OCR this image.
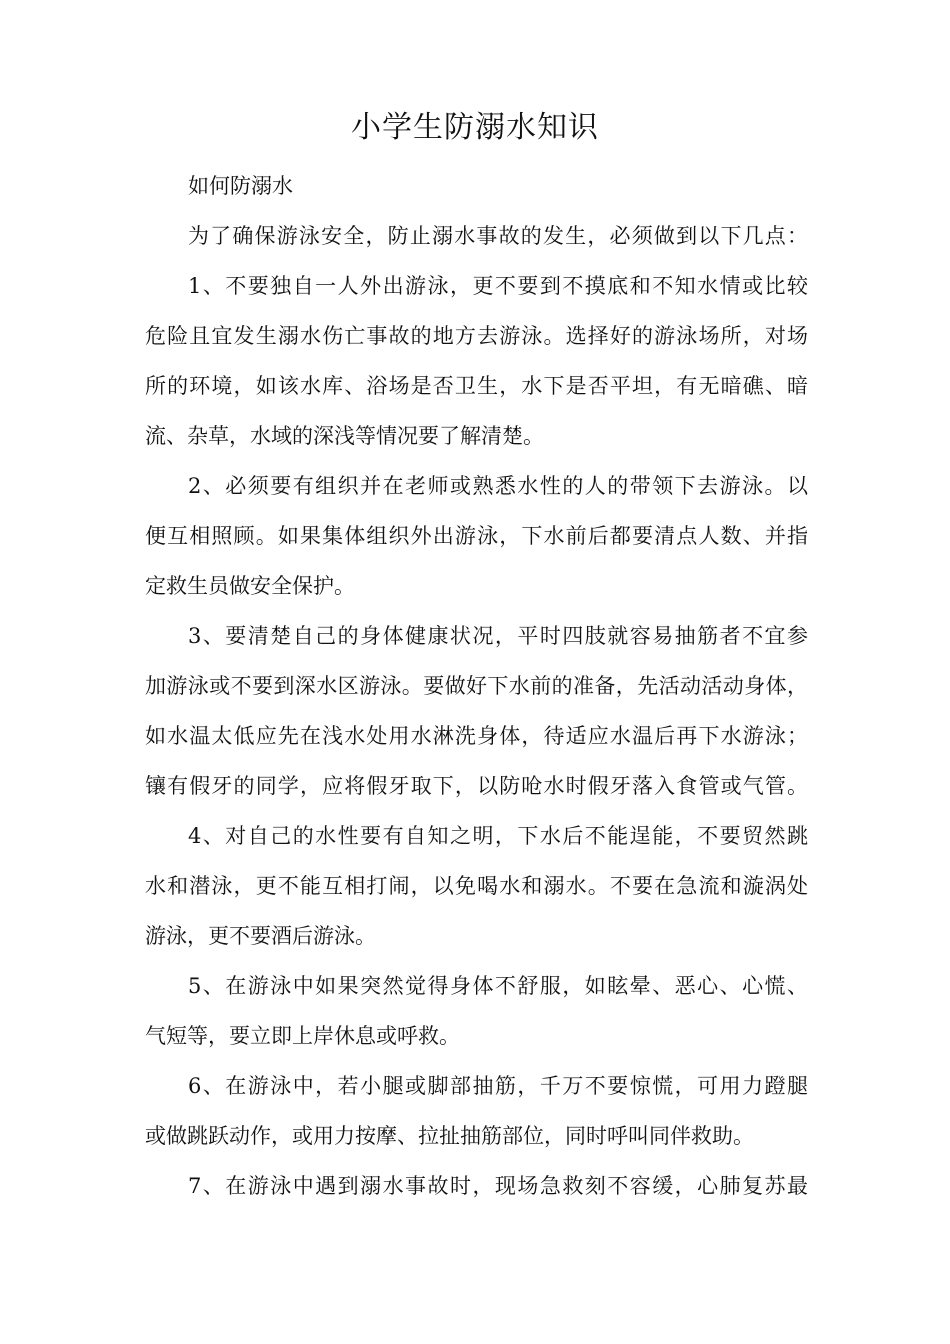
小学生防溺水知识
如何防溺水
为了确保游泳安全，防止溺水事故的发生，必须做到以下几点：
1、不要独自一人外出游泳，更不要到不摸底和不知水情或比较
危险且宜发生溺水伤亡事故的地方去游泳。选择好的游泳场所，对场
所的环境，如该水库、浴场是否卫生，水下是否平坦，有无暗礁、暗
流、杂草，水域的深浅等情况要了解清楚。
2、必须要有组织并在老师或熟悉水性的人的带领下去游泳。以
便互相照顾。如果集体组织外出游泳，下水前后都要清点人数、并指
定救生员做安全保护。
3、要清楚自己的身体健康状况，平时四肢就容易抽筋者不宜参
加游泳或不要到深水区游泳。要做好下水前的准备，先活动活动身体，
如水温太低应先在浅水处用水淋洗身体，待适应水温后再下水游泳；
镶有假牙的同学，应将假牙取下，以防呛水时假牙落入食管或气管。
4、对自己的水性要有自知之明，下水后不能逞能，不要贸然跳
水和潜泳，更不能互相打闹，以免喝水和溺水。不要在急流和漩涡处
游泳，更不要酒后游泳。
5、在游泳中如果突然觉得身体不舒服，如眩晕、恶心、心慌、
气短等，要立即上岸休息或呼救。
6、在游泳中，若小腿或脚部抽筋，千万不要惊慌，可用力蹬腿
或做跳跃动作，或用力按摩、拉扯抽筋部位，同时呼叫同伴救助。
7、在游泳中遇到溺水事故时，现场急救刻不容缓，心肺复苏最
